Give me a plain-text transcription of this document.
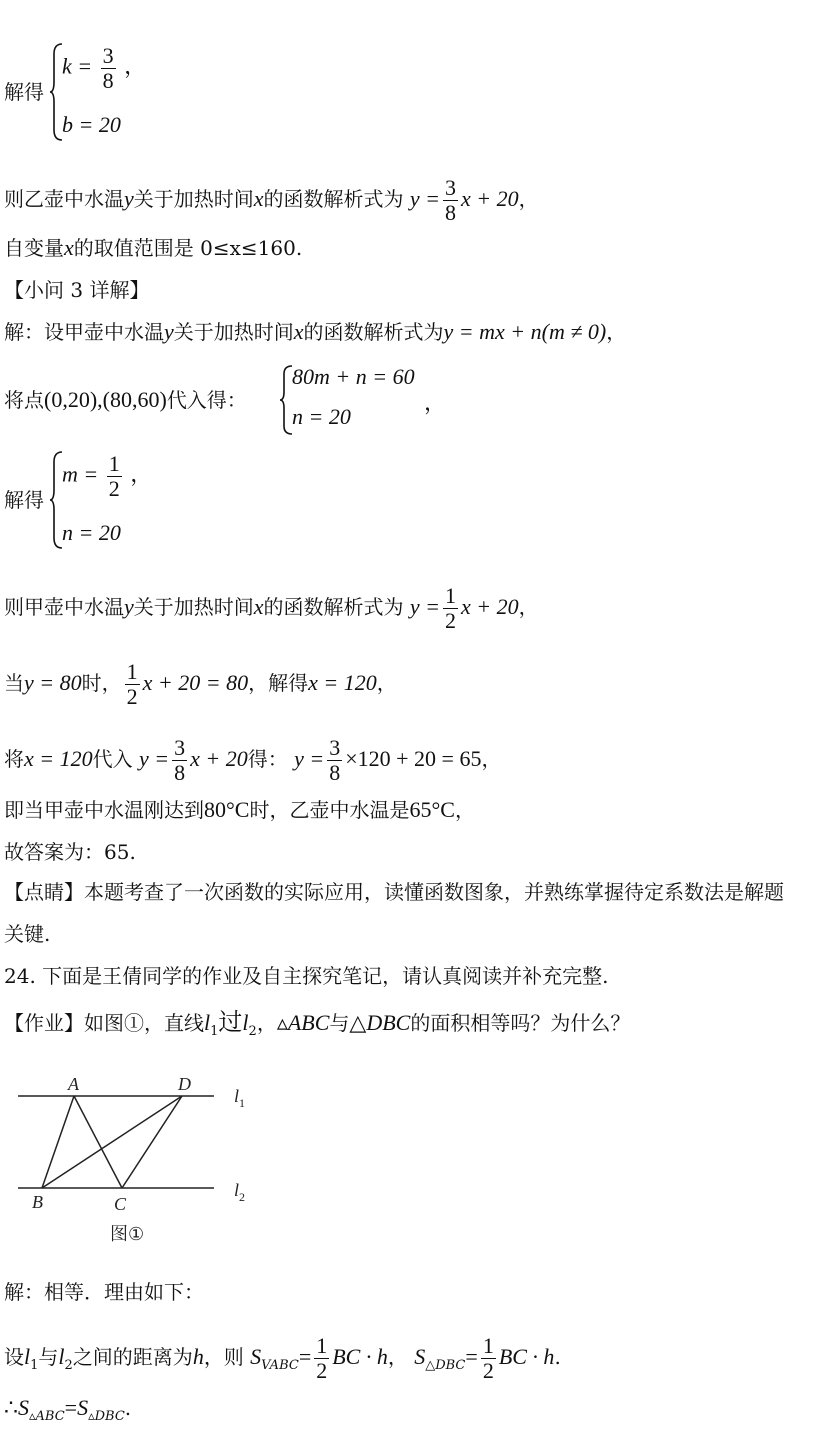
解得
$k = \frac{3}{8}$ ，
b = 20
则乙壶中水温y关于加热时间x的函数解析式为 $y = \frac{3}{8}$ x + 20，
自变量x的取值范围是 0≤x≤160.
【小问 3 详解】
解：设甲壶中水温y关于加热时间x的函数解析式为y = mx + n(m ≠ 0)，
将点(0,20),(80,60)代入得：
80m + n = 60
n = 20
，
解得
$m = \frac{1}{2}$ ，
n = 20
则甲壶中水温y关于加热时间x的函数解析式为 $y = \frac{1}{2}$ x + 20，
当y = 80时， $\frac{1}{2}$ x + 20 = 80，解得x = 120，
将x = 120代入 $y = \frac{3}{8}$ x + 20得： $y = \frac{3}{8} \times 120 + 20 = 65$，
即当甲壶中水温刚达到80°C时，乙壶中水温是65°C，
故答案为：65.
【点睛】本题考查了一次函数的实际应用，读懂函数图象，并熟练掌握待定系数法是解题
关键.
24. 下面是王倩同学的作业及自主探究笔记，请认真阅读并补充完整.
【作业】如图①，直线$l_1$过$l_2$，▵ABC与△DBC的面积相等吗？为什么？
A	D
B	C
$l_1$
$l_2$
图①
解：相等．理由如下：
设$l_1$与$l_2$之间的距离为h，则 $S_{VABC}= \frac{1}{2}$ BC · h， $S_{\triangle DBC}= \frac{1}{2}$ BC · h.
$\therefore S_{▵ABC}=S_{▵DBC}$.
